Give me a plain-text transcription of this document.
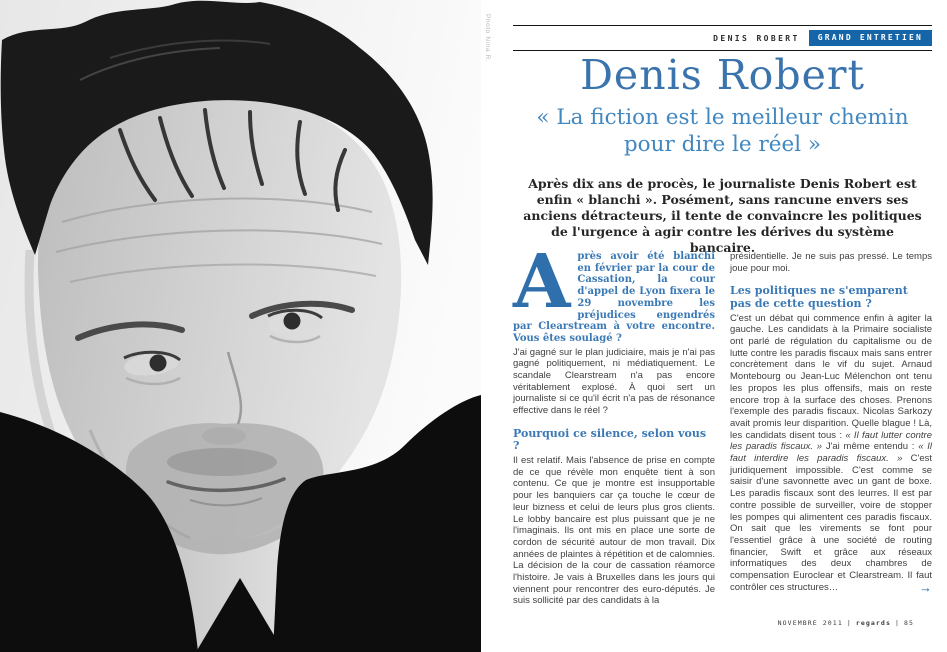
Photo Nina R.	DENIS ROBERT	GRAND ENTRETIEN
Denis Robert
« La fiction est le meilleur chemin pour dire le réel »
Après dix ans de procès, le journaliste Denis Robert est enfin « blanchi ». Posément, sans rancune envers ses anciens détracteurs, il tente de convaincre les politiques de l'urgence à agir contre les dérives du système bancaire.

Après avoir été blanchi en février par la cour de Cassation, la cour d'appel de Lyon fixera le 29 novembre les préjudices engendrés par Clearstream à votre encontre. Vous êtes soulagé ?

J'ai gagné sur le plan judiciaire, mais je n'ai pas gagné politiquement, ni médiatiquement. Le scandale Clearstream n'a pas encore véritablement explosé. À quoi sert un journaliste si ce qu'il écrit n'a pas de résonance effective dans le réel ?

Pourquoi ce silence, selon vous ?

Il est relatif. Mais l'absence de prise en compte de ce que révèle mon enquête tient à son contenu. Ce que je montre est insupportable pour les banquiers car ça touche le cœur de leur bizness et celui de leurs plus gros clients. Le lobby bancaire est plus puissant que je ne l'imaginais. Ils ont mis en place une sorte de cordon de sécurité autour de mon travail. Dix années de plaintes à répétition et de calomnies. La décision de la cour de cassation réamorce l'histoire. Je vais à Bruxelles dans les jours qui viennent pour rencontrer des euro-députés. Je suis sollicité par des candidats à la

présidentielle. Je ne suis pas pressé. Le temps joue pour moi.

Les politiques ne s'emparent pas de cette question ?

C'est un débat qui commence enfin à agiter la gauche. Les candidats à la Primaire socialiste ont parlé de régulation du capitalisme ou de lutte contre les paradis fiscaux mais sans entrer concrètement dans le vif du sujet. Arnaud Montebourg ou Jean-Luc Mélenchon ont tenu les propos les plus offensifs, mais on reste encore trop à la surface des choses. Prenons l'exemple des paradis fiscaux. Nicolas Sarkozy avait promis leur disparition. Quelle blague ! Là, les candidats disent tous : « Il faut lutter contre les paradis fiscaux. » J'ai même entendu : « Il faut interdire les paradis fiscaux. » C'est juridiquement impossible. C'est comme se saisir d'une savonnette avec un gant de boxe. Les paradis fiscaux sont des leurres. Il est par contre possible de surveiller, voire de stopper les pompes qui alimentent ces paradis fiscaux. On sait que les virements se font pour l'essentiel grâce à une société de routing financier, Swift et grâce aux réseaux informatiques des deux chambres de compensation Euroclear et Clearstream. Il faut contrôler ces structures…	→

NOVEMBRE 2011 | regards | 85
